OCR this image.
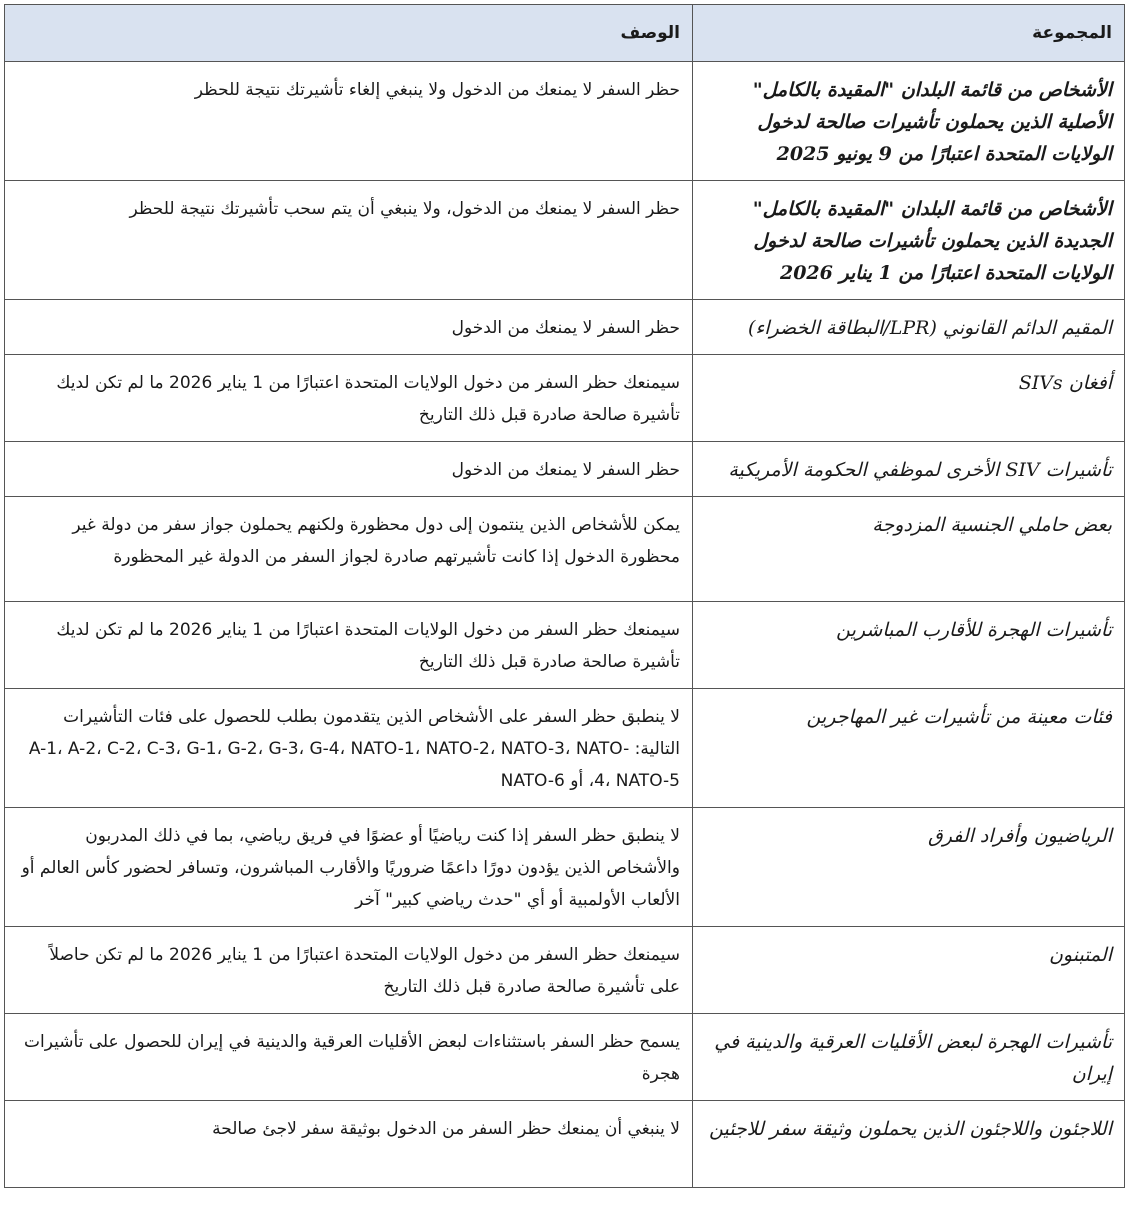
المجموعة	الوصف
الأشخاص من قائمة البلدان "المقيدة بالكامل" الأصلية الذين يحملون تأشيرات صالحة لدخول الولايات المتحدة اعتبارًا من 9 يونيو 2025	حظر السفر لا يمنعك من الدخول ولا ينبغي إلغاء تأشيرتك نتيجة للحظر
الأشخاص من قائمة البلدان "المقيدة بالكامل" الجديدة الذين يحملون تأشيرات صالحة لدخول الولايات المتحدة اعتبارًا من 1 يناير 2026	حظر السفر لا يمنعك من الدخول، ولا ينبغي أن يتم سحب تأشيرتك نتيجة للحظر
المقيم الدائم القانوني (LPR/البطاقة الخضراء)	حظر السفر لا يمنعك من الدخول
أفغان SIVs	سيمنعك حظر السفر من دخول الولايات المتحدة اعتبارًا من 1 يناير 2026 ما لم تكن لديك تأشيرة صالحة صادرة قبل ذلك التاريخ
تأشيرات SIV الأخرى لموظفي الحكومة الأمريكية	حظر السفر لا يمنعك من الدخول
بعض حاملي الجنسية المزدوجة	يمكن للأشخاص الذين ينتمون إلى دول محظورة ولكنهم يحملون جواز سفر من دولة غير محظورة الدخول إذا كانت تأشيرتهم صادرة لجواز السفر من الدولة غير المحظورة
تأشيرات الهجرة للأقارب المباشرين	سيمنعك حظر السفر من دخول الولايات المتحدة اعتبارًا من 1 يناير 2026 ما لم تكن لديك تأشيرة صالحة صادرة قبل ذلك التاريخ
فئات معينة من تأشيرات غير المهاجرين	لا ينطبق حظر السفر على الأشخاص الذين يتقدمون بطلب للحصول على فئات التأشيرات التالية: A-1، A-2، C-2، C-3، G-1، G-2، G-3، G-4، NATO-1، NATO-2، NATO-3، NATO-4، NATO-5، أو NATO-6
الرياضيون وأفراد الفرق	لا ينطبق حظر السفر إذا كنت رياضيًا أو عضوًا في فريق رياضي، بما في ذلك المدربون والأشخاص الذين يؤدون دورًا داعمًا ضروريًا والأقارب المباشرون، وتسافر لحضور كأس العالم أو الألعاب الأولمبية أو أي "حدث رياضي كبير" آخر
المتبنون	سيمنعك حظر السفر من دخول الولايات المتحدة اعتبارًا من 1 يناير 2026 ما لم تكن حاصلاً على تأشيرة صالحة صادرة قبل ذلك التاريخ
تأشيرات الهجرة لبعض الأقليات العرقية والدينية في إيران	يسمح حظر السفر باستثناءات لبعض الأقليات العرقية والدينية في إيران للحصول على تأشيرات هجرة
اللاجئون واللاجئون الذين يحملون وثيقة سفر للاجئين	لا ينبغي أن يمنعك حظر السفر من الدخول بوثيقة سفر لاجئ صالحة
